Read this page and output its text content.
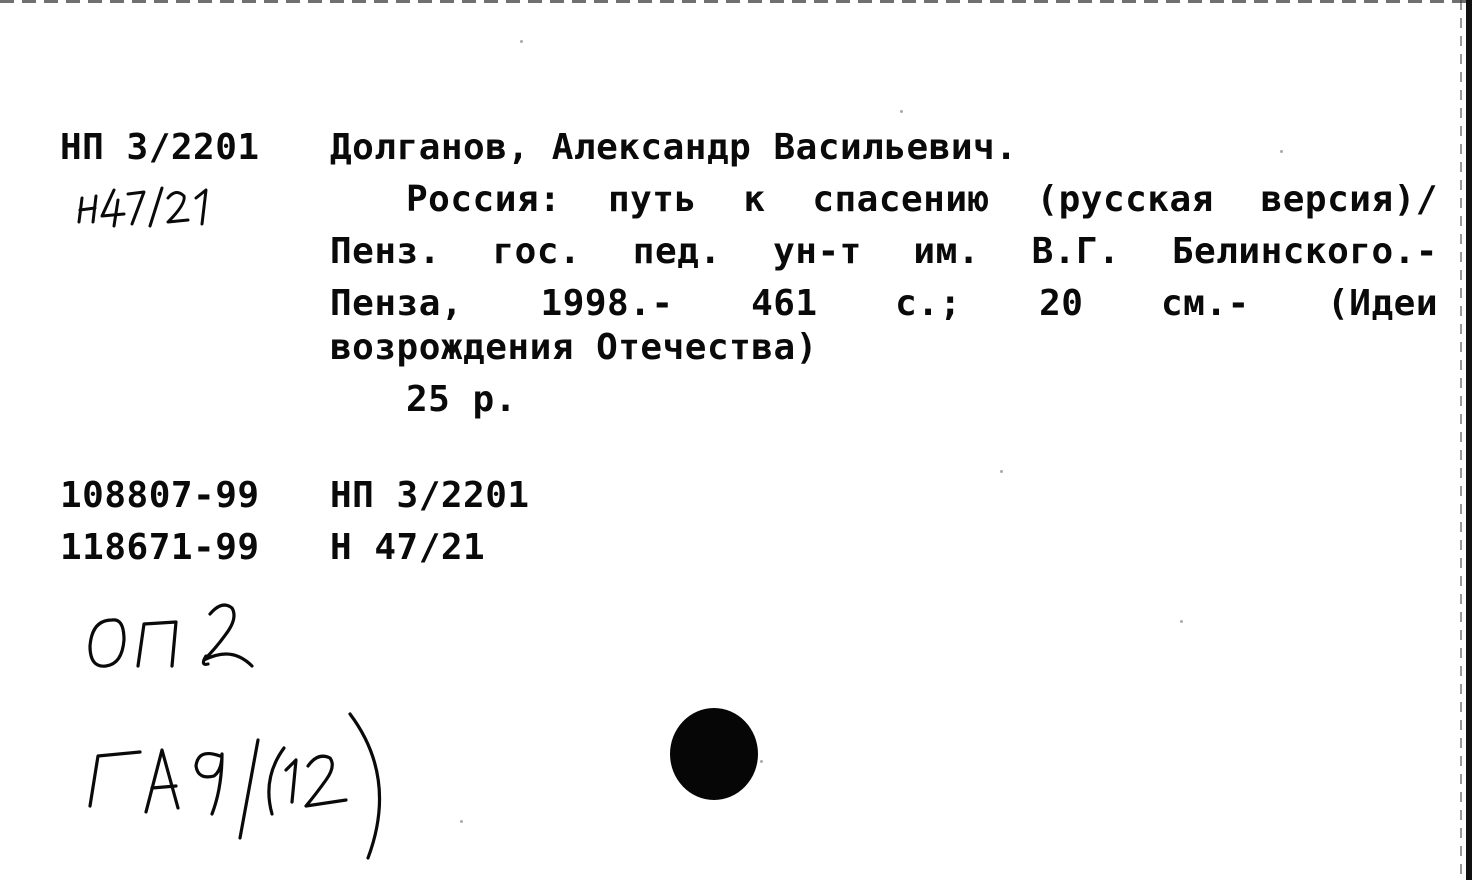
НП 3/2201 Долганов, Александр Васильевич.

Россия: путь к спасению (русская версия)/
Пенз. гос. пед. ун-т им. В.Г. Белинского.-
Пенза, 1998.- 461 с.; 20 см.- (Идеи

возрождения Отечества)

25 р.

108807-99

118671-99

НП 3/2201

Н 47/21
